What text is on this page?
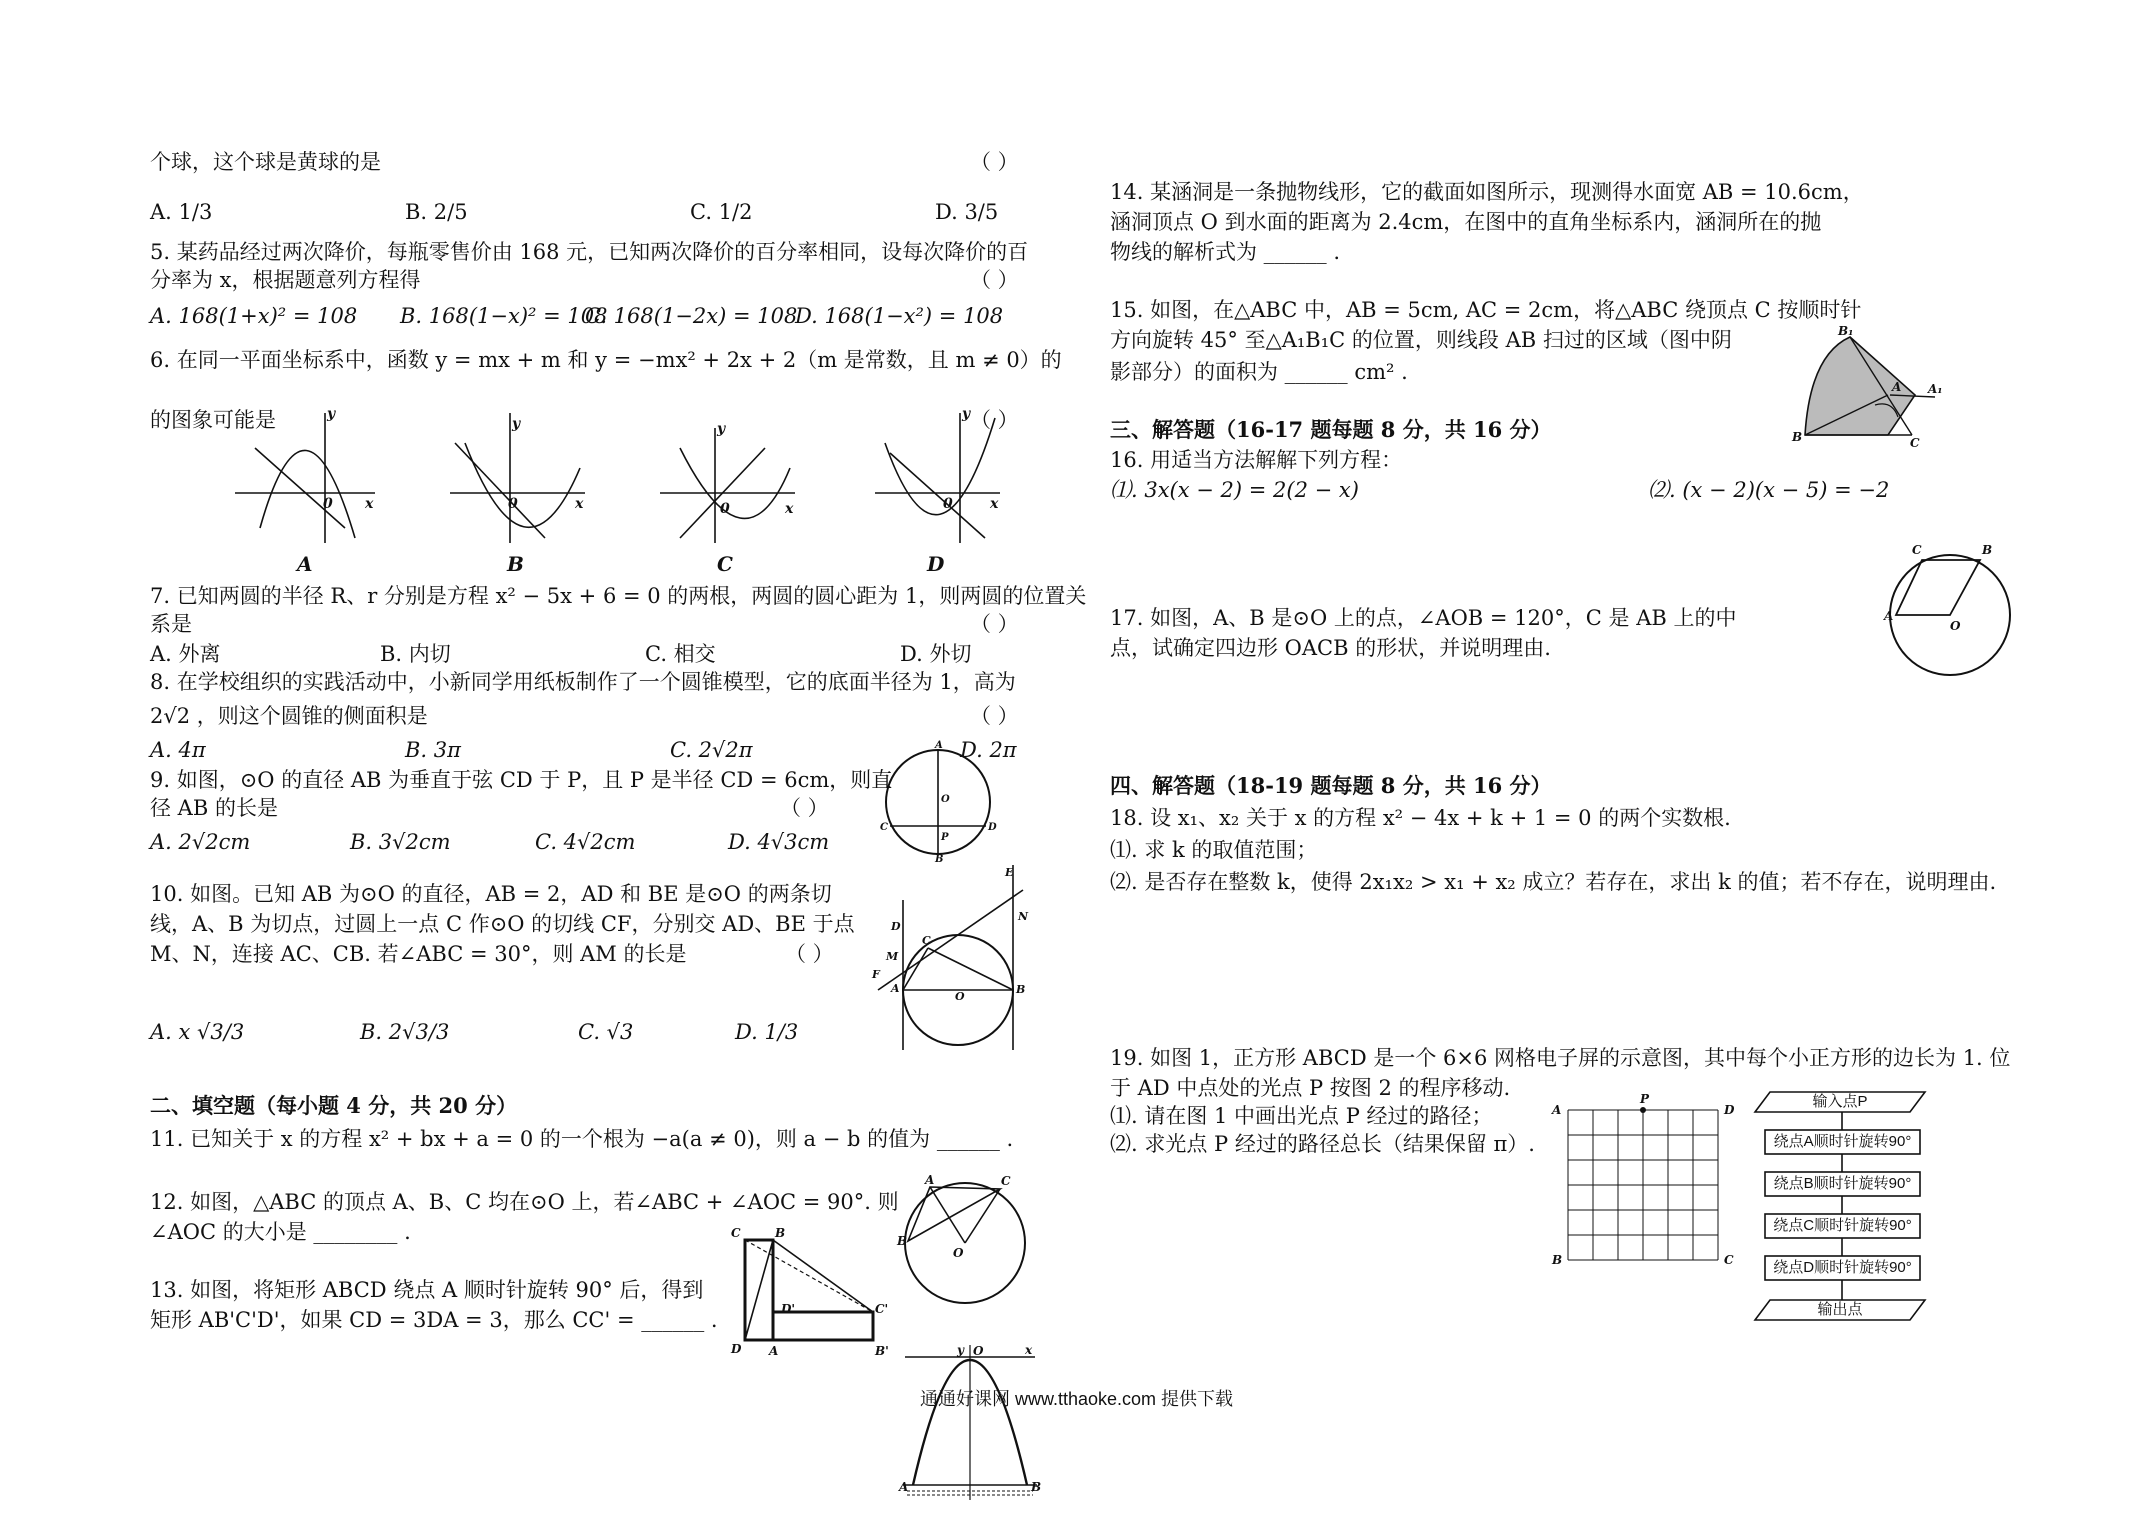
个球，这个球是黄球的是	（ ）
A. 1/3	B. 2/5	C. 1/2	D. 3/5
5. 某药品经过两次降价，每瓶零售价由 168 元，已知两次降价的百分率相同，设每次降价的百
分率为 x，根据题意列方程得	（ ）
A. 168(1+x)² = 108 B. 168(1−x)² = 108
C. 168(1−2x) = 108
D. 168(1−x²) = 108
6. 在同一平面坐标系中，函数 y = mx + m 和 y = −mx² + 2x + 2（m 是常数，且 m ≠ 0）的
的图象可能是	（ ）
y
0 x
y
0	x
y
0	x
y
0	x
A	B	C	D
7. 已知两圆的半径 R、r 分别是方程 x² − 5x + 6 = 0 的两根，两圆的圆心距为 1，则两圆的位置关
系是	（ ）
A. 外离	B. 内切	C. 相交	D. 外切
8. 在学校组织的实践活动中，小新同学用纸板制作了一个圆锥模型，它的底面半径为 1，高为
2√2 ，则这个圆锥的侧面积是	（ ）
A. 4π	B. 3π	C. 2√2π	D. 2π
9. 如图，⊙O 的直径 AB 为垂直于弦 CD 于 P，且 P 是半径 CD = 6cm，则直
径 AB 的长是	（ ）
A. 2√2cm	B. 3√2cm	C. 4√2cm	D. 4√3cm
A
O
C	D
P
B
10. 如图。已知 AB 为⊙O 的直径，AB = 2，AD 和 BE 是⊙O 的两条切
线，A、B 为切点，过圆上一点 C 作⊙O 的切线 CF，分别交 AD、BE 于点
M、N，连接 AC、CB. 若∠ABC = 30°，则 AM 的长是	（ ）
A. x √3/3	B. 2√3/3	C. √3	D. 1/3
D
C
M
F
A
O
B
E
N
二、填空题（每小题 4 分，共 20 分）
11. 已知关于 x 的方程 x² + bx + a = 0 的一个根为 −a(a ≠ 0)，则 a − b 的值为 ______ .
12. 如图，△ABC 的顶点 A、B、C 均在⊙O 上，若∠ABC + ∠AOC = 90°. 则
∠AOC 的大小是 ________ .
A	C
B
O
13. 如图，将矩形 ABCD 绕点 A 顺时针旋转 90° 后，得到
矩形 AB'C'D'，如果 CD = 3DA = 3，那么 CC' = ______ .
C	B
D'	C'
D A	B'	y O	x
A	B
通通好课网 www.tthaoke.com 提供下载
14. 某涵洞是一条抛物线形，它的截面如图所示，现测得水面宽 AB = 10.6cm，
涵洞顶点 O 到水面的距离为 2.4cm，在图中的直角坐标系内，涵洞所在的抛
物线的解析式为 ______ .
15. 如图，在△ABC 中，AB = 5cm, AC = 2cm，将△ABC 绕顶点 C 按顺时针
方向旋转 45° 至△A₁B₁C 的位置，则线段 AB 扫过的区域（图中阴
影部分）的面积为 ______ cm² .
B₁
A A₁
B	C
三、解答题（16-17 题每题 8 分，共 16 分）
16. 用适当方法解解下列方程：
⑴. 3x(x − 2) = 2(2 − x)	⑵. (x − 2)(x − 5) = −2
17. 如图，A、B 是⊙O 上的点，∠AOB = 120°，C 是 AB 上的中
点，试确定四边形 OACB 的形状，并说明理由.
A
C	B
O
四、解答题（18-19 题每题 8 分，共 16 分）
18. 设 x₁、x₂ 关于 x 的方程 x² − 4x + k + 1 = 0 的两个实数根.
⑴. 求 k 的取值范围；
⑵. 是否存在整数 k，使得 2x₁x₂ > x₁ + x₂ 成立？若存在，求出 k 的值；若不存在，说明理由.
19. 如图 1，正方形 ABCD 是一个 6×6 网格电子屏的示意图，其中每个小正方形的边长为 1. 位
于 AD 中点处的光点 P 按图 2 的程序移动.
⑴. 请在图 1 中画出光点 P 经过的路径；
⑵. 求光点 P 经过的路径总长（结果保留 π）.
A
P
D
B	C
输入点P
绕点A顺时针旋转90°
绕点B顺时针旋转90°
绕点C顺时针旋转90°
绕点D顺时针旋转90°
输出点
